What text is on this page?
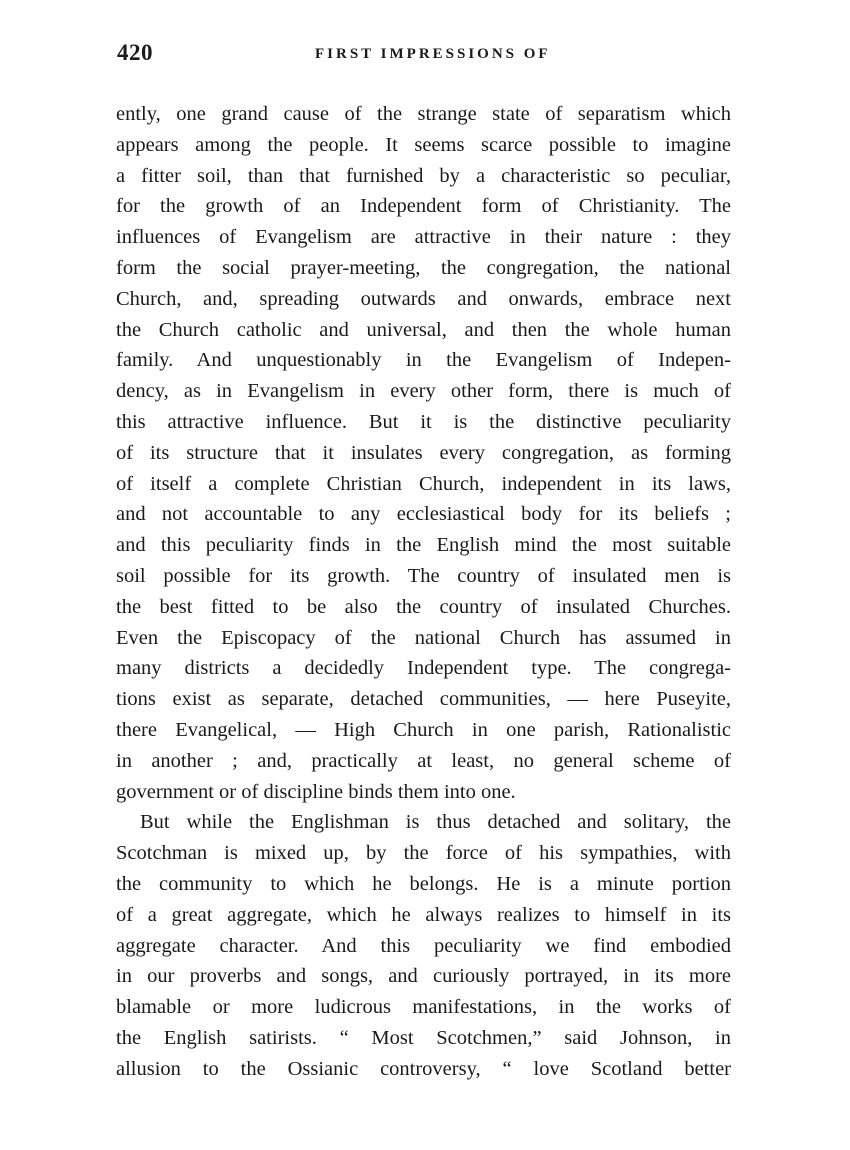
420	FIRST IMPRESSIONS OF
ently, one grand cause of the strange state of separatism which
appears among the people. It seems scarce possible to imagine
a fitter soil, than that furnished by a characteristic so peculiar,
for the growth of an Independent form of Christianity. The
influences of Evangelism are attractive in their nature : they
form the social prayer-meeting, the congregation, the national
Church, and, spreading outwards and onwards, embrace next
the Church catholic and universal, and then the whole human
family. And unquestionably in the Evangelism of Indepen-
dency, as in Evangelism in every other form, there is much of
this attractive influence. But it is the distinctive peculiarity
of its structure that it insulates every congregation, as forming
of itself a complete Christian Church, independent in its laws,
and not accountable to any ecclesiastical body for its beliefs ;
and this peculiarity finds in the English mind the most suitable
soil possible for its growth. The country of insulated men is
the best fitted to be also the country of insulated Churches.
Even the Episcopacy of the national Church has assumed in
many districts a decidedly Independent type. The congrega-
tions exist as separate, detached communities, — here Puseyite,
there Evangelical, — High Church in one parish, Rationalistic
in another ; and, practically at least, no general scheme of
government or of discipline binds them into one.
But while the Englishman is thus detached and solitary, the
Scotchman is mixed up, by the force of his sympathies, with
the community to which he belongs. He is a minute portion
of a great aggregate, which he always realizes to himself in its
aggregate character. And this peculiarity we find embodied
in our proverbs and songs, and curiously portrayed, in its more
blamable or more ludicrous manifestations, in the works of
the English satirists. “ Most Scotchmen,” said Johnson, in
allusion to the Ossianic controversy, “ love Scotland better
